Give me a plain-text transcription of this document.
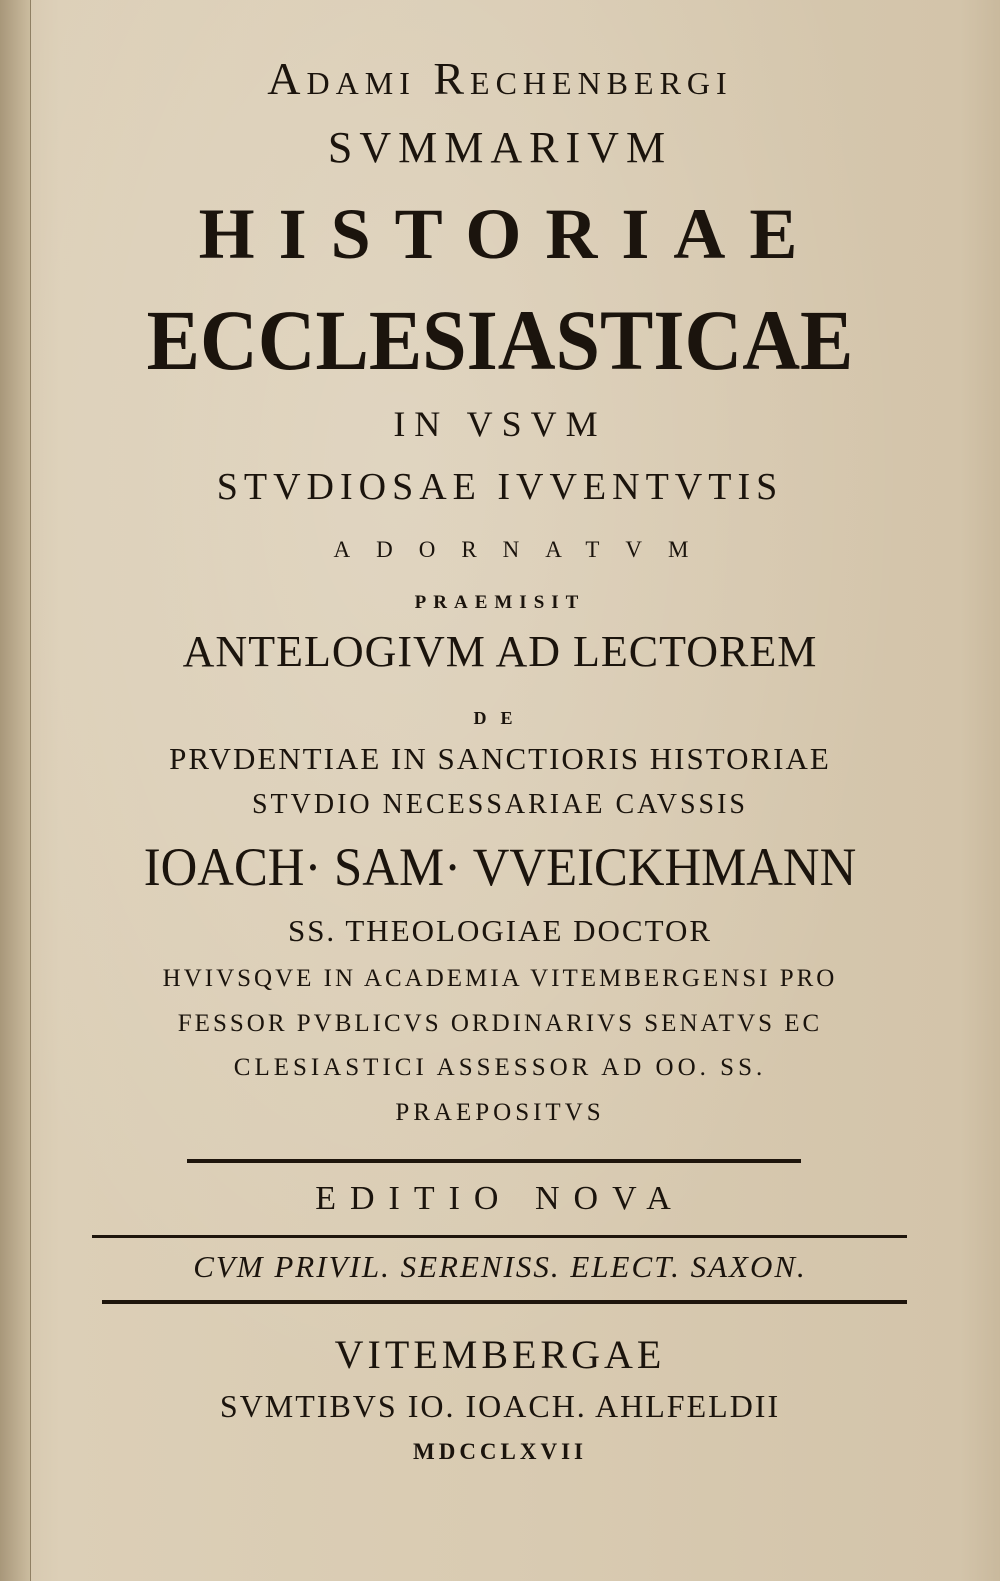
Adami Rechenbergi
SVMMARIVM
HISTORIAE
ECCLESIASTICAE
IN VSVM
STVDIOSAE IVVENTVTIS
ADORNATVM
PRAEMISIT
ANTELOGIVM AD LECTOREM
DE
PRVDENTIAE IN SANCTIORIS HISTORIAE
STVDIO NECESSARIAE CAVSSIS
IOACH· SAM· VVEICKHMANN
SS. THEOLOGIAE DOCTOR
HVIVSQVE IN ACADEMIA VITEMBERGENSI PRO
FESSOR PVBLICVS ORDINARIVS SENATVS EC
CLESIASTICI ASSESSOR AD OO. SS.
PRAEPOSITVS
EDITIO NOVA
CVM PRIVIL. SERENISS. ELECT. SAXON.
VITEMBERGAE
SVMTIBVS IO. IOACH. AHLFELDII
MDCCLXVII
